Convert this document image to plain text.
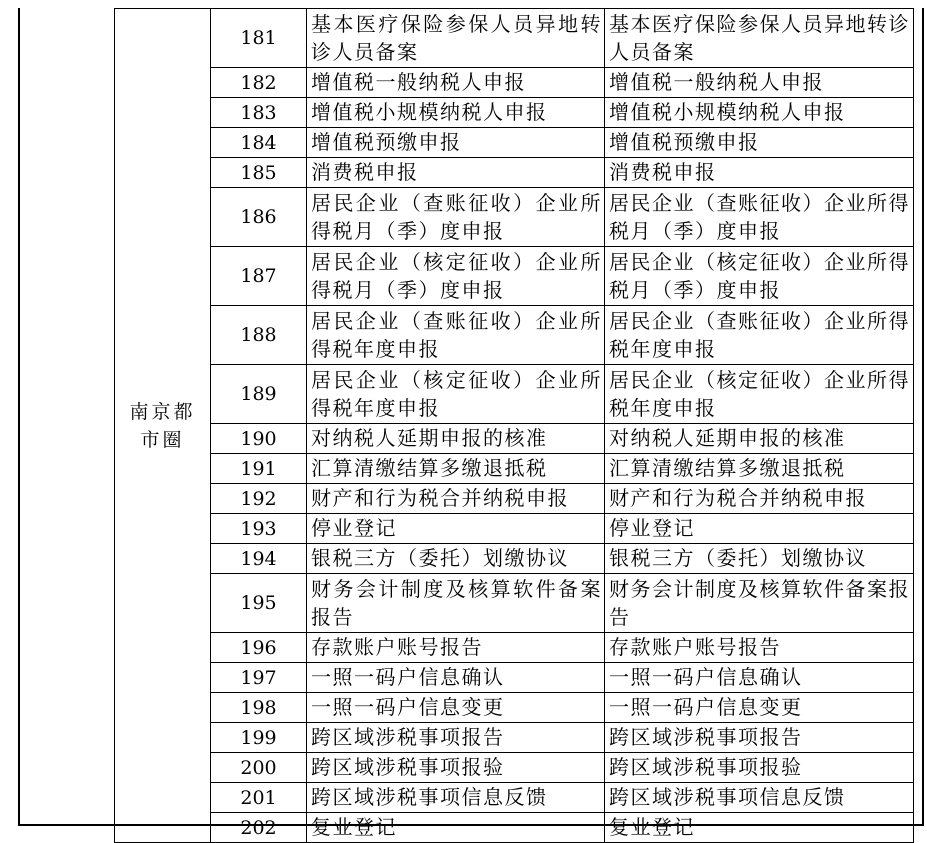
南京都
市圈	181	基本医疗保险参保人员异地转诊人员备案	基本医疗保险参保人员异地转诊人员备案
	182	增值税一般纳税人申报	增值税一般纳税人申报
	183	增值税小规模纳税人申报	增值税小规模纳税人申报
	184	增值税预缴申报	增值税预缴申报
	185	消费税申报	消费税申报
	186	居民企业（查账征收）企业所得税月（季）度申报	居民企业（查账征收）企业所得税月（季）度申报
	187	居民企业（核定征收）企业所得税月（季）度申报	居民企业（核定征收）企业所得税月（季）度申报
	188	居民企业（查账征收）企业所得税年度申报	居民企业（查账征收）企业所得税年度申报
	189	居民企业（核定征收）企业所得税年度申报	居民企业（核定征收）企业所得税年度申报
	190	对纳税人延期申报的核准	对纳税人延期申报的核准
	191	汇算清缴结算多缴退抵税	汇算清缴结算多缴退抵税
	192	财产和行为税合并纳税申报	财产和行为税合并纳税申报
	193	停业登记	停业登记
	194	银税三方（委托）划缴协议	银税三方（委托）划缴协议
	195	财务会计制度及核算软件备案报告	财务会计制度及核算软件备案报告
	196	存款账户账号报告	存款账户账号报告
	197	一照一码户信息确认	一照一码户信息确认
	198	一照一码户信息变更	一照一码户信息变更
	199	跨区域涉税事项报告	跨区域涉税事项报告
	200	跨区域涉税事项报验	跨区域涉税事项报验
	201	跨区域涉税事项信息反馈	跨区域涉税事项信息反馈
	202	复业登记	复业登记
